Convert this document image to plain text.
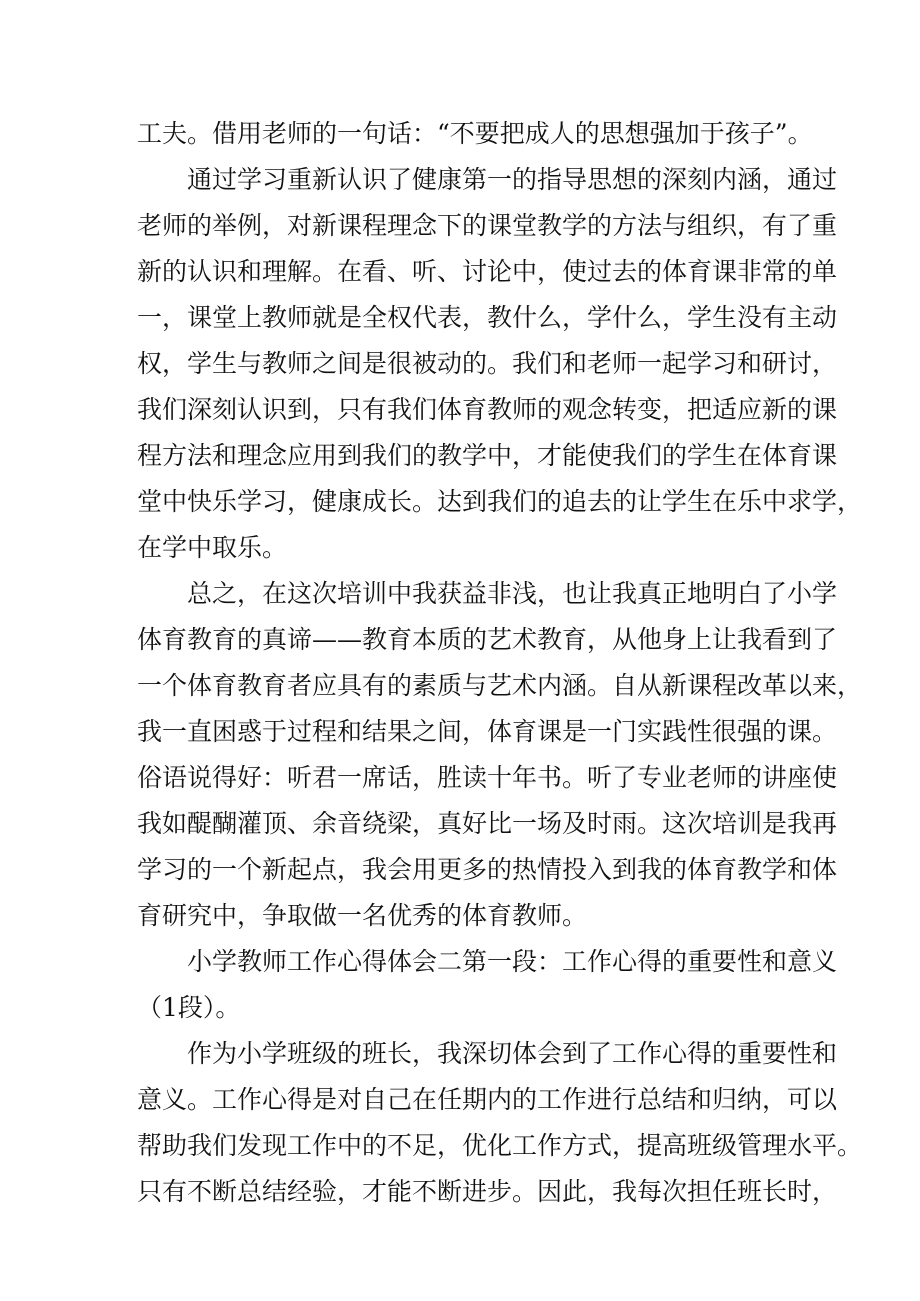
工夫。借用老师的一句话：“不要把成人的思想强加于孩子”。
通过学习重新认识了健康第一的指导思想的深刻内涵，通过
老师的举例，对新课程理念下的课堂教学的方法与组织，有了重
新的认识和理解。在看、听、讨论中，使过去的体育课非常的单
一，课堂上教师就是全权代表，教什么，学什么，学生没有主动
权，学生与教师之间是很被动的。我们和老师一起学习和研讨，
我们深刻认识到，只有我们体育教师的观念转变，把适应新的课
程方法和理念应用到我们的教学中，才能使我们的学生在体育课
堂中快乐学习，健康成长。达到我们的追去的让学生在乐中求学，
在学中取乐。
总之，在这次培训中我获益非浅，也让我真正地明白了小学
体育教育的真谛——教育本质的艺术教育，从他身上让我看到了
一个体育教育者应具有的素质与艺术内涵。自从新课程改革以来，
我一直困惑于过程和结果之间，体育课是一门实践性很强的课。
俗语说得好：听君一席话，胜读十年书。听了专业老师的讲座使
我如醍醐灌顶、余音绕梁，真好比一场及时雨。这次培训是我再
学习的一个新起点，我会用更多的热情投入到我的体育教学和体
育研究中，争取做一名优秀的体育教师。
小学教师工作心得体会二第一段：工作心得的重要性和意义
（1段）。
作为小学班级的班长，我深切体会到了工作心得的重要性和
意义。工作心得是对自己在任期内的工作进行总结和归纳，可以
帮助我们发现工作中的不足，优化工作方式，提高班级管理水平。
只有不断总结经验，才能不断进步。因此，我每次担任班长时，
